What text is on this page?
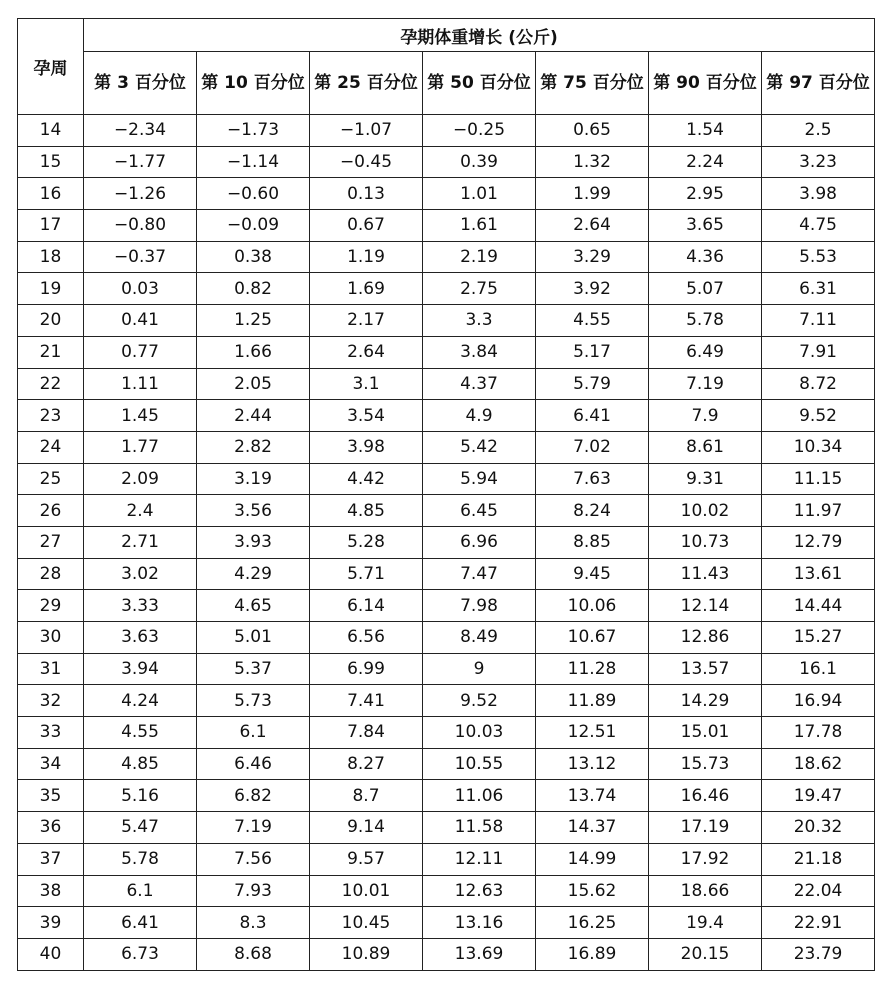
孕周	孕期体重增长 (公斤)						
	第 3 百分位	第 10 百分位	第 25 百分位	第 50 百分位	第 75 百分位	第 90 百分位	第 97 百分位
14	−2.34	−1.73	−1.07	−0.25	0.65	1.54	2.5
15	−1.77	−1.14	−0.45	0.39	1.32	2.24	3.23
16	−1.26	−0.60	0.13	1.01	1.99	2.95	3.98
17	−0.80	−0.09	0.67	1.61	2.64	3.65	4.75
18	−0.37	0.38	1.19	2.19	3.29	4.36	5.53
19	0.03	0.82	1.69	2.75	3.92	5.07	6.31
20	0.41	1.25	2.17	3.3	4.55	5.78	7.11
21	0.77	1.66	2.64	3.84	5.17	6.49	7.91
22	1.11	2.05	3.1	4.37	5.79	7.19	8.72
23	1.45	2.44	3.54	4.9	6.41	7.9	9.52
24	1.77	2.82	3.98	5.42	7.02	8.61	10.34
25	2.09	3.19	4.42	5.94	7.63	9.31	11.15
26	2.4	3.56	4.85	6.45	8.24	10.02	11.97
27	2.71	3.93	5.28	6.96	8.85	10.73	12.79
28	3.02	4.29	5.71	7.47	9.45	11.43	13.61
29	3.33	4.65	6.14	7.98	10.06	12.14	14.44
30	3.63	5.01	6.56	8.49	10.67	12.86	15.27
31	3.94	5.37	6.99	9	11.28	13.57	16.1
32	4.24	5.73	7.41	9.52	11.89	14.29	16.94
33	4.55	6.1	7.84	10.03	12.51	15.01	17.78
34	4.85	6.46	8.27	10.55	13.12	15.73	18.62
35	5.16	6.82	8.7	11.06	13.74	16.46	19.47
36	5.47	7.19	9.14	11.58	14.37	17.19	20.32
37	5.78	7.56	9.57	12.11	14.99	17.92	21.18
38	6.1	7.93	10.01	12.63	15.62	18.66	22.04
39	6.41	8.3	10.45	13.16	16.25	19.4	22.91
40	6.73	8.68	10.89	13.69	16.89	20.15	23.79
